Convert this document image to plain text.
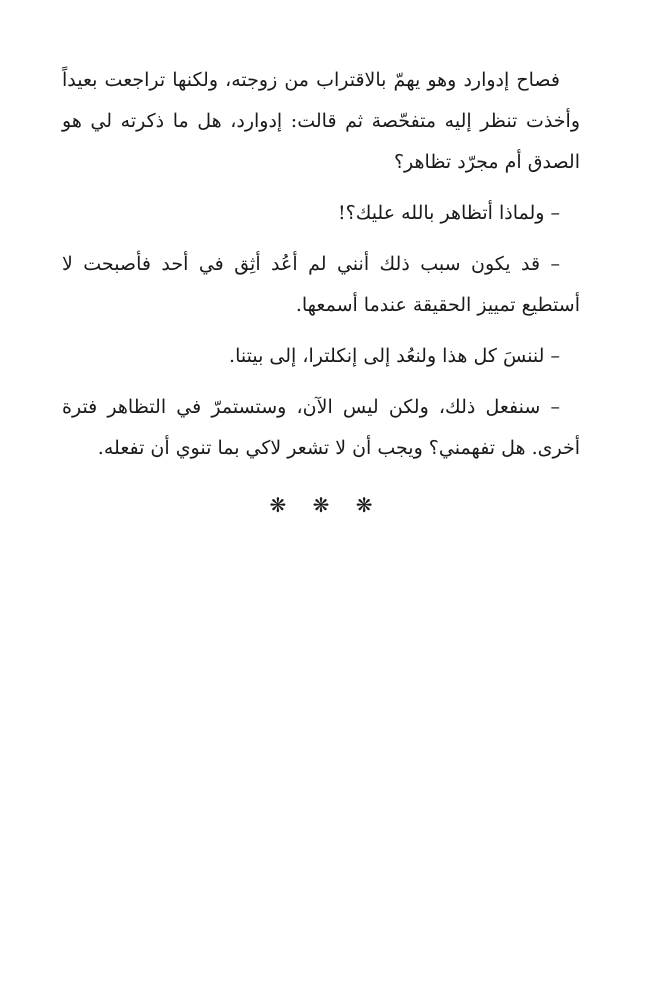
فصاح إدوارد وهو يهمّ بالاقتراب من زوجته، ولكنها تراجعت بعيداً وأخذت تنظر إليه متفحّصة ثم قالت: إدوارد، هل ما ذكرته لي هو الصدق أم مجرّد تظاهر؟

– ولماذا أتظاهر بالله عليك؟!

– قد يكون سبب ذلك أنني لم أعُد أثِق في أحد فأصبحت لا أستطيع تمييز الحقيقة عندما أسمعها.

– لننسَ كل هذا ولنعُد إلى إنكلترا، إلى بيتنا.

– سنفعل ذلك، ولكن ليس الآن، وستستمرّ في التظاهر فترة أخرى. هل تفهمني؟ ويجب أن لا تشعر لاكي بما تنوي أن تفعله.

❋ ❋ ❋
